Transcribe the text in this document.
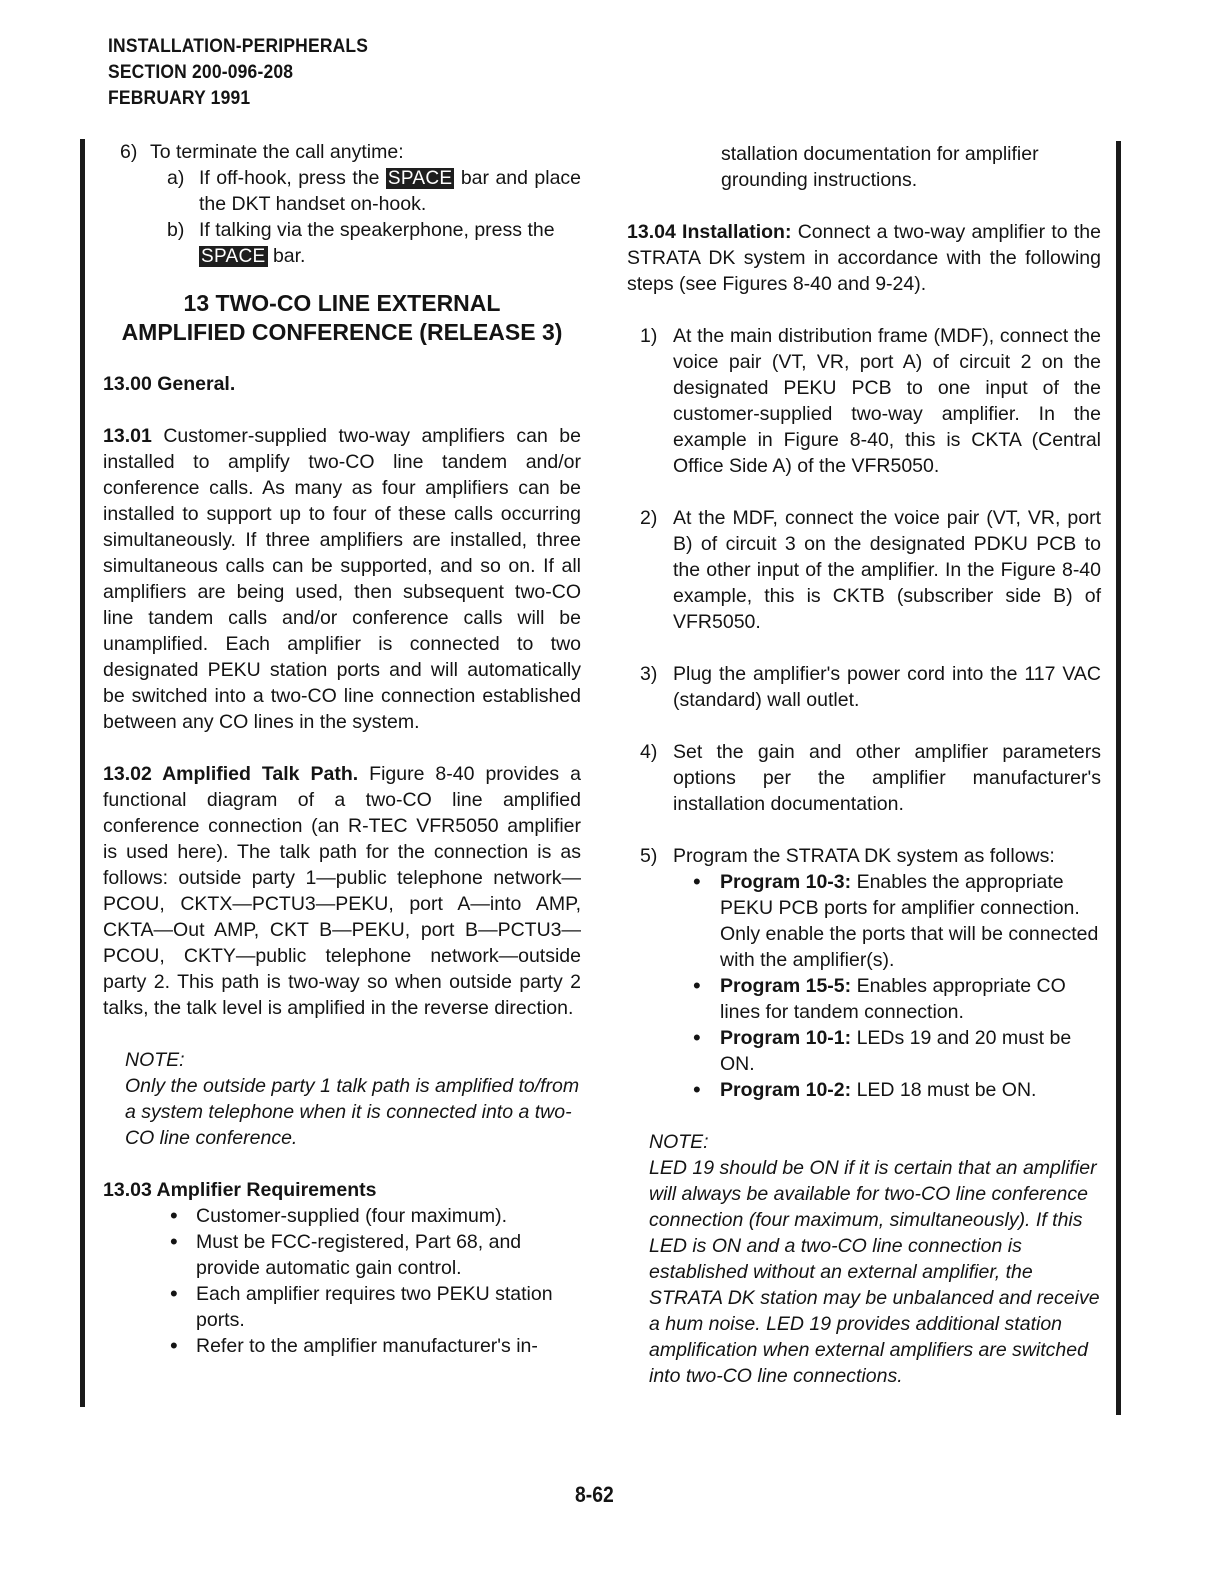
INSTALLATION-PERIPHERALS
SECTION 200-096-208
FEBRUARY 1991
6) To terminate the call anytime:
a) If off-hook, press the SPACE bar and place the DKT handset on-hook.

b) If talking via the speakerphone, press the SPACE bar.

13 TWO-CO LINE EXTERNAL
AMPLIFIED CONFERENCE (RELEASE 3)

13.00 General.

13.01 Customer-supplied two-way amplifiers can be installed to amplify two-CO line tandem and/or conference calls. As many as four amplifiers can be installed to support up to four of these calls occurring simultaneously. If three amplifiers are installed, three simultaneous calls can be supported, and so on. If all amplifiers are being used, then subsequent two-CO line tandem calls and/or conference calls will be unamplified. Each amplifier is connected to two designated PEKU station ports and will automatically be switched into a two-CO line connection established between any CO lines in the system.

13.02 Amplified Talk Path. Figure 8-40 provides a functional diagram of a two-CO line amplified conference connection (an R-TEC VFR5050 amplifier is used here). The talk path for the connection is as follows: outside party 1—public telephone network—PCOU, CKTX—PCTU3—PEKU, port A—into AMP, CKTA—Out AMP, CKT B—PEKU, port B—PCTU3—PCOU, CKTY—public telephone network—outside party 2. This path is two-way so when outside party 2 talks, the talk level is amplified in the reverse direction.

NOTE:

Only the outside party 1 talk path is amplified to/from a system telephone when it is connected into a two-CO line conference.

13.03 Amplifier Requirements

• Customer-supplied (four maximum).
• Must be FCC-registered, Part 68, and provide automatic gain control.
• Each amplifier requires two PEKU station ports.
• Refer to the amplifier manufacturer's in-

stallation documentation for amplifier grounding instructions.

13.04 Installation: Connect a two-way amplifier to the STRATA DK system in accordance with the following steps (see Figures 8-40 and 9-24).

1) At the main distribution frame (MDF), connect the voice pair (VT, VR, port A) of circuit 2 on the designated PEKU PCB to one input of the customer-supplied two-way amplifier. In the example in Figure 8-40, this is CKTA (Central Office Side A) of the VFR5050.

2) At the MDF, connect the voice pair (VT, VR, port B) of circuit 3 on the designated PDKU PCB to the other input of the amplifier. In the Figure 8-40 example, this is CKTB (subscriber side B) of VFR5050.

3) Plug the amplifier's power cord into the 117 VAC (standard) wall outlet.

4) Set the gain and other amplifier parameters options per the amplifier manufacturer's installation documentation.

5) Program the STRATA DK system as follows:

• Program 10-3: Enables the appropriate PEKU PCB ports for amplifier connection. Only enable the ports that will be connected with the amplifier(s).
• Program 15-5: Enables appropriate CO lines for tandem connection.
• Program 10-1: LEDs 19 and 20 must be ON.
• Program 10-2: LED 18 must be ON.
NOTE:

LED 19 should be ON if it is certain that an amplifier will always be available for two-CO line conference connection (four maximum, simultaneously). If this LED is ON and a two-CO line connection is established without an external amplifier, the STRATA DK station may be unbalanced and receive a hum noise. LED 19 provides additional station amplification when external amplifiers are switched into two-CO line connections.

8-62
